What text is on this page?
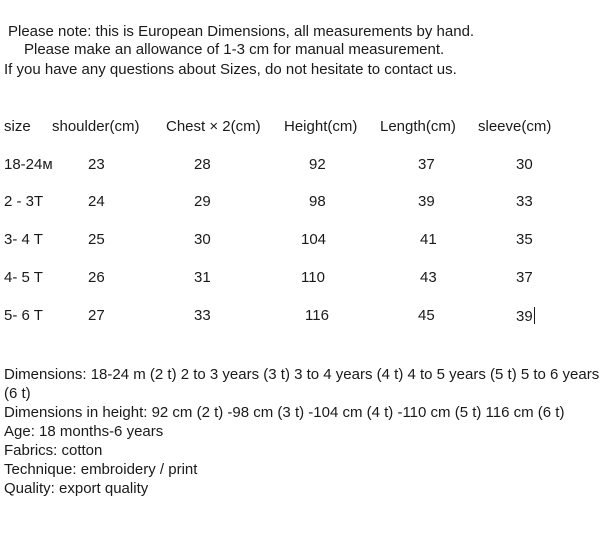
Please note: this is European Dimensions, all measurements by hand.
Please make an allowance of 1-3 cm for manual measurement.
If you have any questions about Sizes, do not hesitate to contact us.
size shoulder(cm) Chest × 2(cm) Height(cm) Length(cm) sleeve(cm)
18-24м 23	28	92	37	30
2 - 3T	24	29	98	39	33
3- 4 T	25	30	104	41	35
4- 5 T	26	31	110	43	37
5- 6 T	27	33	116	45	39
Dimensions: 18-24 m (2 t) 2 to 3 years (3 t) 3 to 4 years (4 t) 4 to 5 years (5 t) 5 to 6 years (6 t)
Dimensions in height: 92 cm (2 t) -98 cm (3 t) -104 cm (4 t) -110 cm (5 t) 116 cm (6 t)
Age: 18 months-6 years
Fabrics: cotton
Technique: embroidery / print
Quality: export quality
